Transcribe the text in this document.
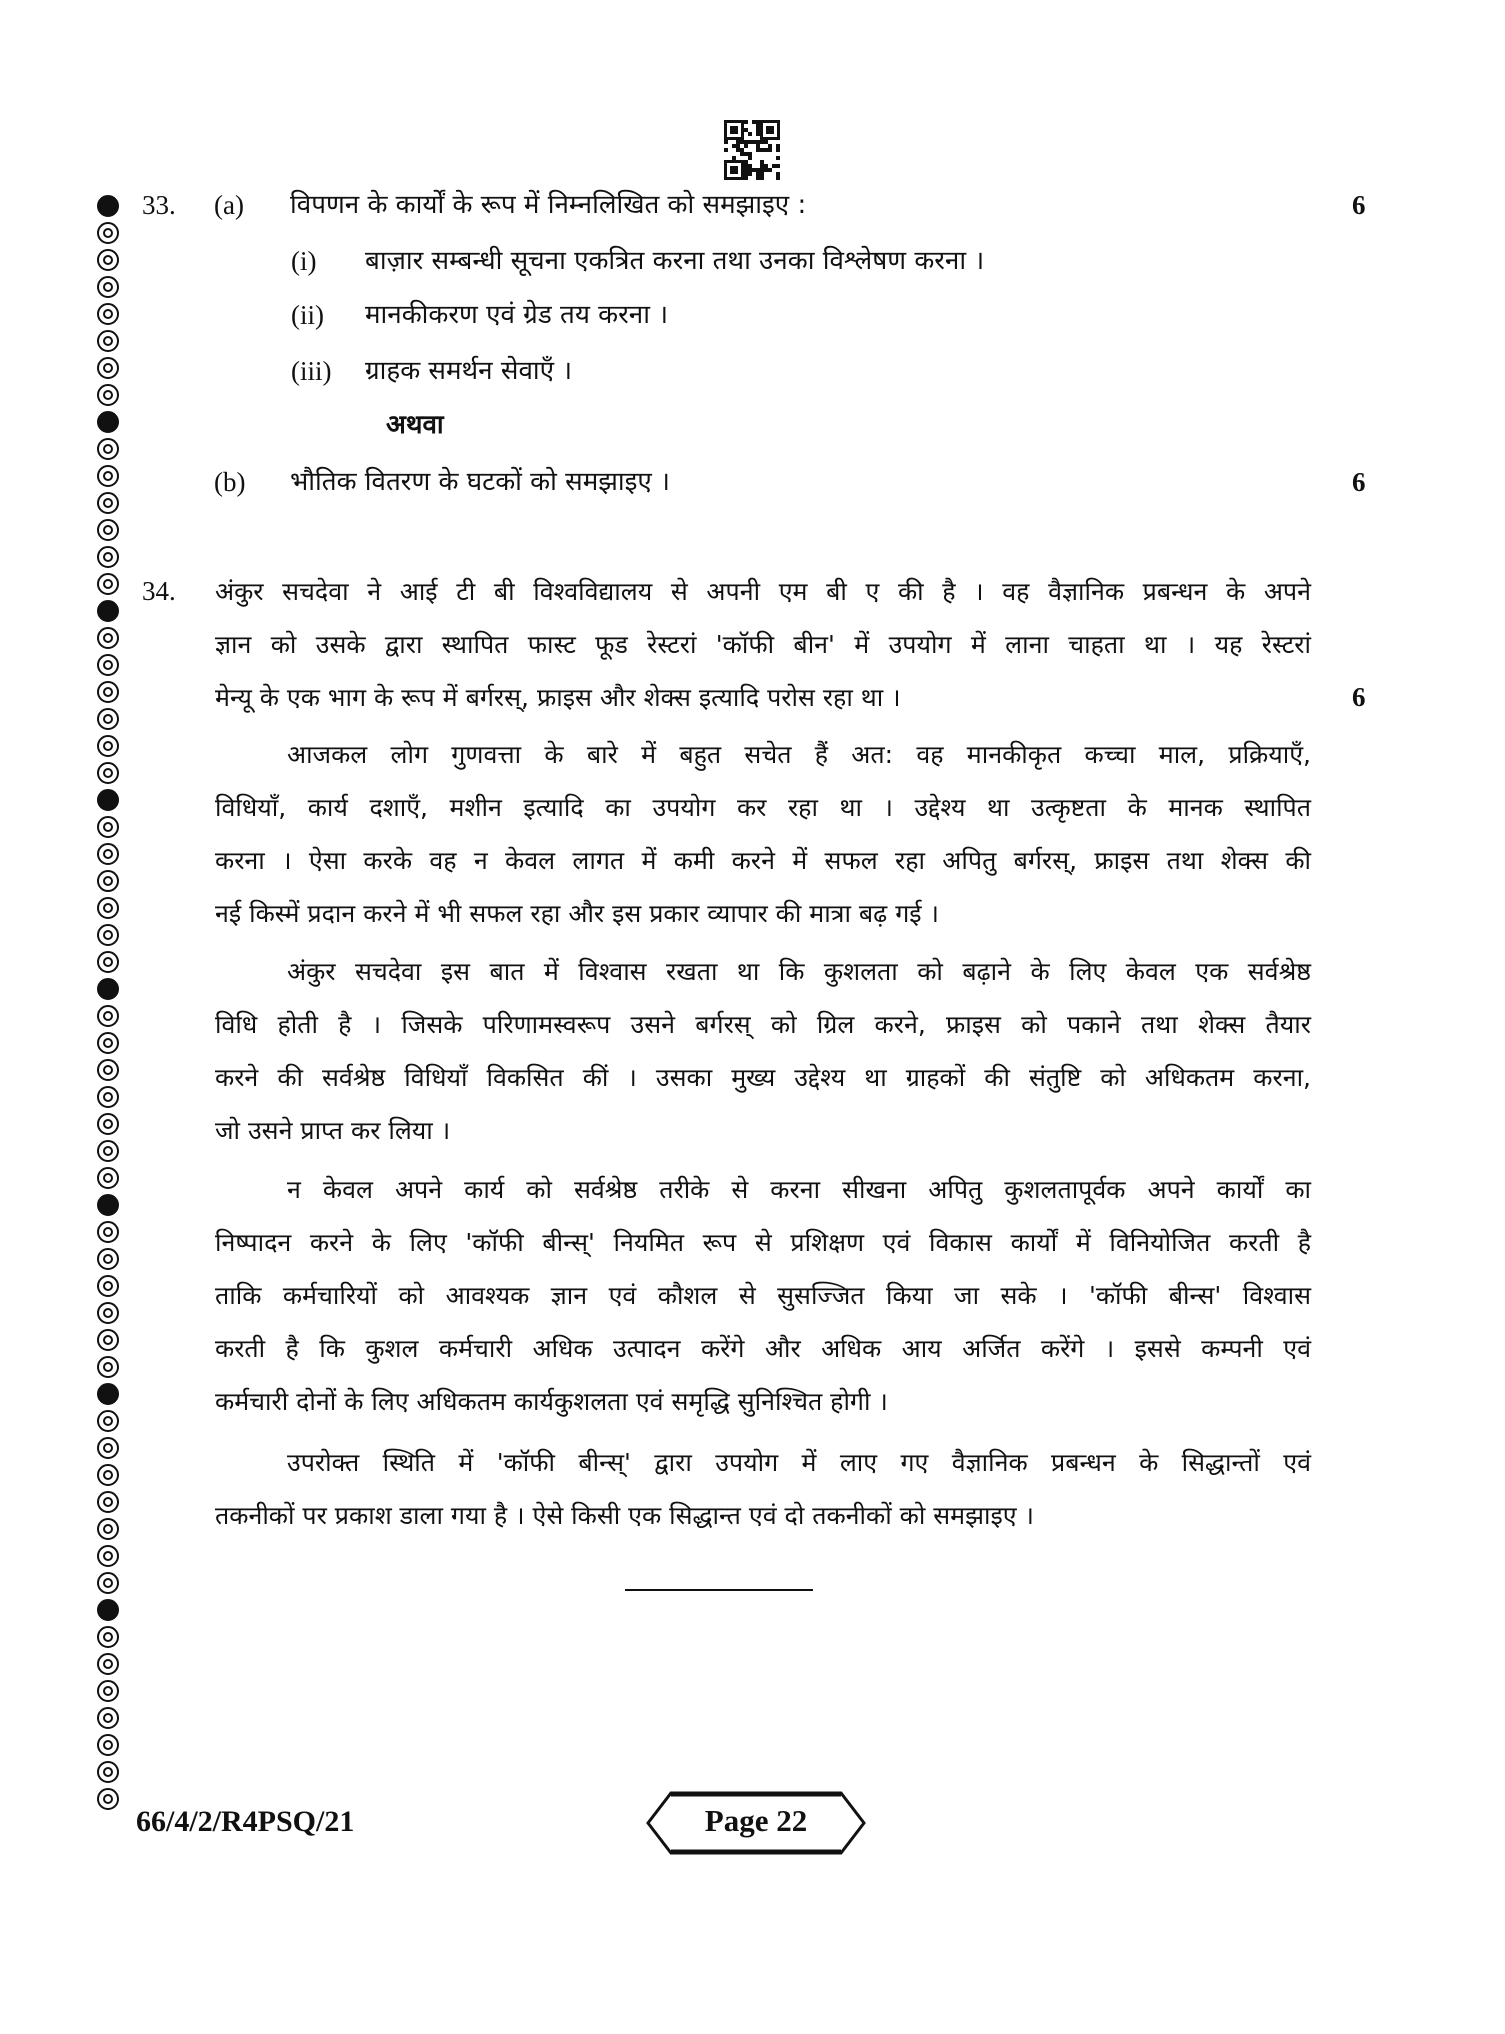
33. (a) विपणन के कार्यों के रूप में निम्नलिखित को समझाइए :	6
(i) बाज़ार सम्बन्धी सूचना एकत्रित करना तथा उनका विश्लेषण करना ।
(ii) मानकीकरण एवं ग्रेड तय करना ।
(iii) ग्राहक समर्थन सेवाएँ ।
अथवा
(b) भौतिक वितरण के घटकों को समझाइए ।	6
34.
6
अंकुर सचदेवा ने आई टी बी विश्वविद्यालय से अपनी एम बी ए की है । वह वैज्ञानिक प्रबन्धन के अपने
ज्ञान को उसके द्वारा स्थापित फास्ट फूड रेस्टरां 'कॉफी बीन' में उपयोग में लाना चाहता था । यह रेस्टरां
मेन्यू के एक भाग के रूप में बर्गरस्, फ्राइस और शेक्स इत्यादि परोस रहा था ।
आजकल लोग गुणवत्ता के बारे में बहुत सचेत हैं अत: वह मानकीकृत कच्चा माल, प्रक्रियाएँ,
विधियाँ, कार्य दशाएँ, मशीन इत्यादि का उपयोग कर रहा था । उद्देश्य था उत्कृष्टता के मानक स्थापित
करना । ऐसा करके वह न केवल लागत में कमी करने में सफल रहा अपितु बर्गरस्, फ्राइस तथा शेक्स की
नई किस्में प्रदान करने में भी सफल रहा और इस प्रकार व्यापार की मात्रा बढ़ गई ।
अंकुर सचदेवा इस बात में विश्वास रखता था कि कुशलता को बढ़ाने के लिए केवल एक सर्वश्रेष्ठ
विधि होती है । जिसके परिणामस्वरूप उसने बर्गरस् को ग्रिल करने, फ्राइस को पकाने तथा शेक्स तैयार
करने की सर्वश्रेष्ठ विधियाँ विकसित कीं । उसका मुख्य उद्देश्य था ग्राहकों की संतुष्टि को अधिकतम करना,
जो उसने प्राप्त कर लिया ।
न केवल अपने कार्य को सर्वश्रेष्ठ तरीके से करना सीखना अपितु कुशलतापूर्वक अपने कार्यों का
निष्पादन करने के लिए 'कॉफी बीन्स्' नियमित रूप से प्रशिक्षण एवं विकास कार्यों में विनियोजित करती है
ताकि कर्मचारियों को आवश्यक ज्ञान एवं कौशल से सुसज्जित किया जा सके । 'कॉफी बीन्स' विश्वास
करती है कि कुशल कर्मचारी अधिक उत्पादन करेंगे और अधिक आय अर्जित करेंगे । इससे कम्पनी एवं
कर्मचारी दोनों के लिए अधिकतम कार्यकुशलता एवं समृद्धि सुनिश्चित होगी ।
उपरोक्त स्थिति में 'कॉफी बीन्स्' द्वारा उपयोग में लाए गए वैज्ञानिक प्रबन्धन के सिद्धान्तों एवं
तकनीकों पर प्रकाश डाला गया है । ऐसे किसी एक सिद्धान्त एवं दो तकनीकों को समझाइए ।
66/4/2/R4PSQ/21	Page 22
